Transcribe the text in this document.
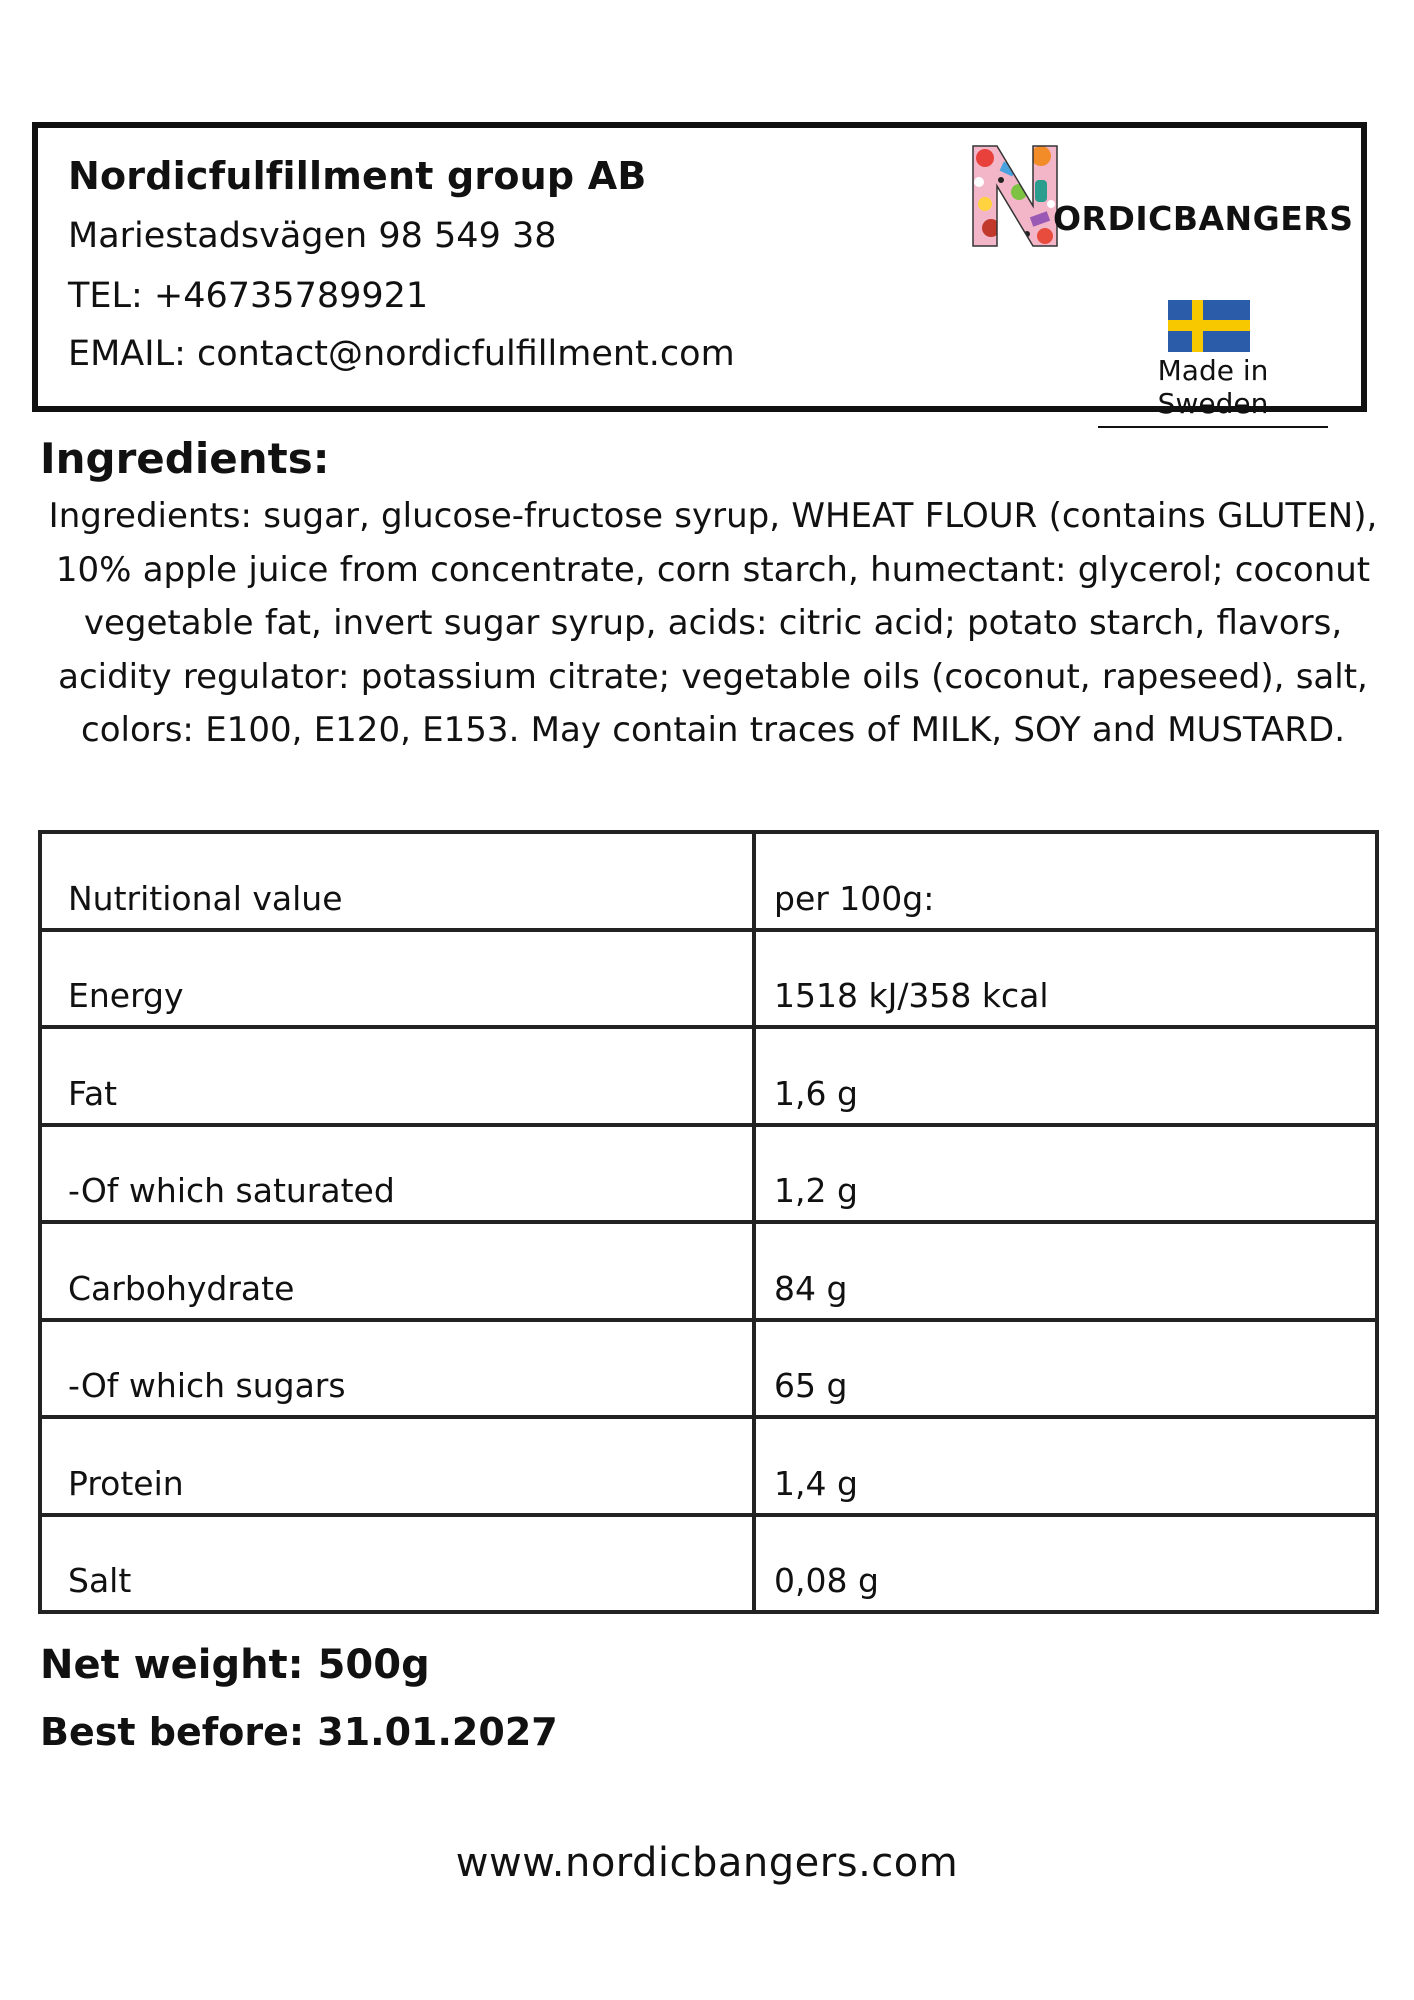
Nordicfulfillment group AB
Mariestadsvägen 98 549 38
TEL: +46735789921
EMAIL: contact@nordicfulfillment.com
ORDICBANGERS
Made in Sweden
Ingredients:
Ingredients: sugar, glucose-fructose syrup, WHEAT FLOUR (contains GLUTEN), 10% apple juice from concentrate, corn starch, humectant: glycerol; coconut vegetable fat, invert sugar syrup, acids: citric acid; potato starch, flavors, acidity regulator: potassium citrate; vegetable oils (coconut, rapeseed), salt, colors: E100, E120, E153. May contain traces of MILK, SOY and MUSTARD.
Nutritional value	per 100g:
Energy	1518 kJ/358 kcal
Fat	1,6 g
-Of which saturated	1,2 g
Carbohydrate	84 g
-Of which sugars	65 g
Protein	1,4 g
Salt	0,08 g
Net weight: 500g
Best before: 31.01.2027
www.nordicbangers.com
